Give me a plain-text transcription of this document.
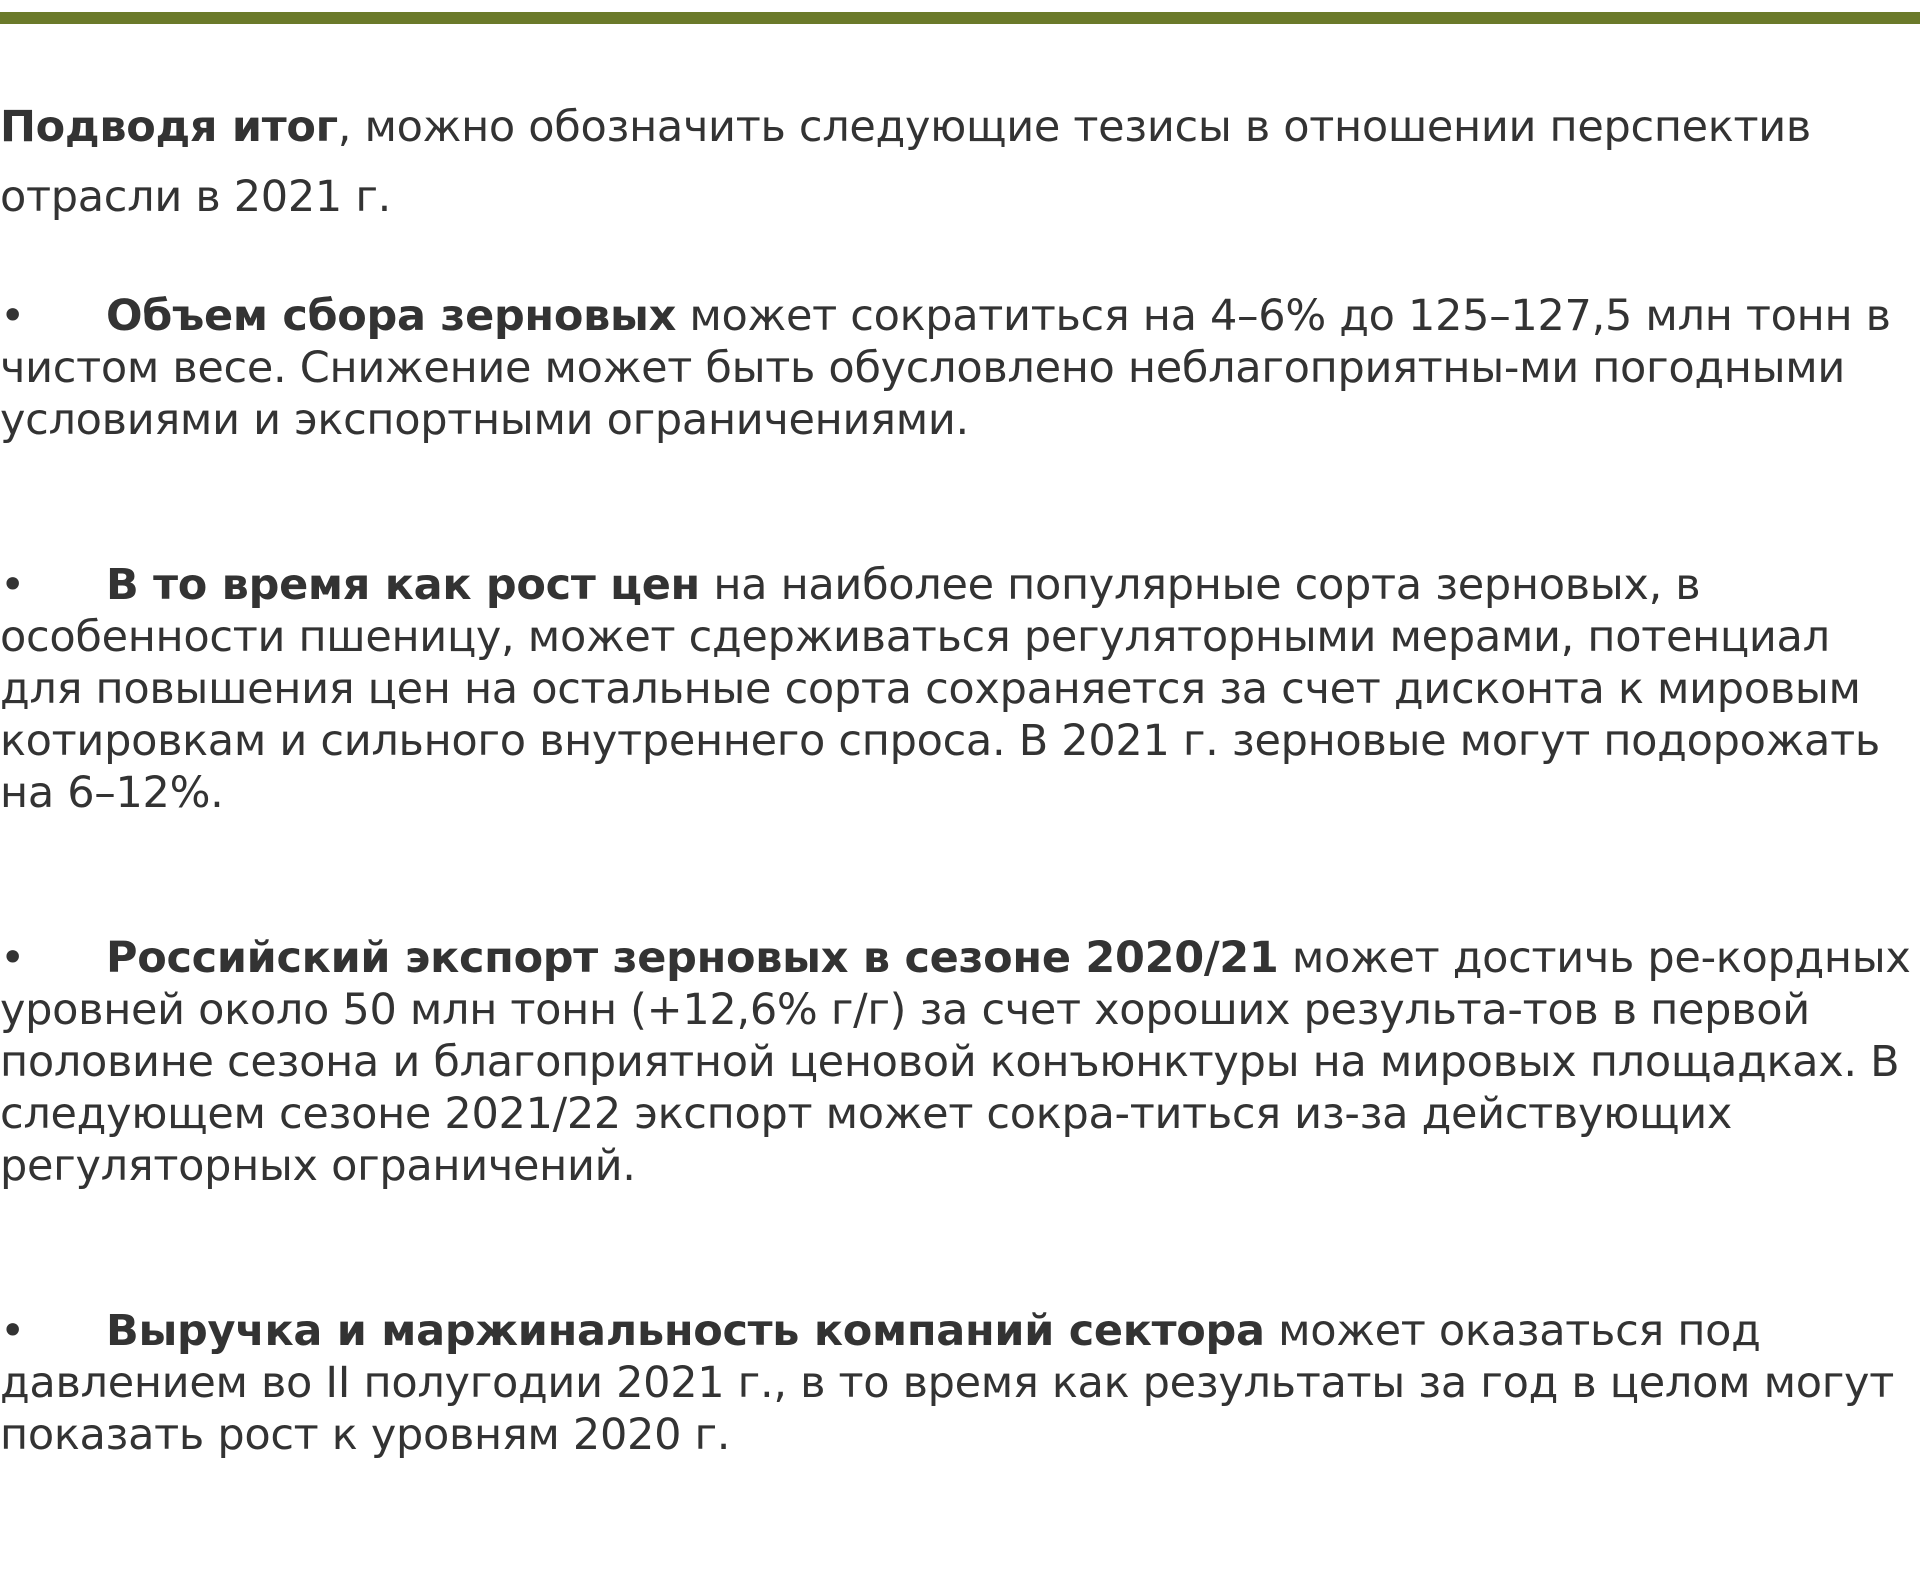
Подводя итог, можно обозначить следующие тезисы в отношении перспектив отрасли в 2021 г.

• Объем сбора зерновых может сократиться на 4–6% до 125–127,5 млн тонн в чистом весе. Снижение может быть обусловлено неблагоприятны-ми погодными условиями и экспортными ограничениями.
• В то время как рост цен на наиболее популярные сорта зерновых, в особенности пшеницу, может сдерживаться регуляторными мерами, потенциал для повышения цен на остальные сорта сохраняется за счет дисконта к мировым котировкам и сильного внутреннего спроса. В 2021 г. зерновые могут подорожать на 6–12%.
• Российский экспорт зерновых в сезоне 2020/21 может достичь ре-кордных уровней около 50 млн тонн (+12,6% г/г) за счет хороших результа-тов в первой половине сезона и благоприятной ценовой конъюнктуры на мировых площадках. В следующем сезоне 2021/22 экспорт может сокра-титься из-за действующих регуляторных ограничений.
• Выручка и маржинальность компаний сектора может оказаться под давлением во II полугодии 2021 г., в то время как результаты за год в целом могут показать рост к уровням 2020 г.
